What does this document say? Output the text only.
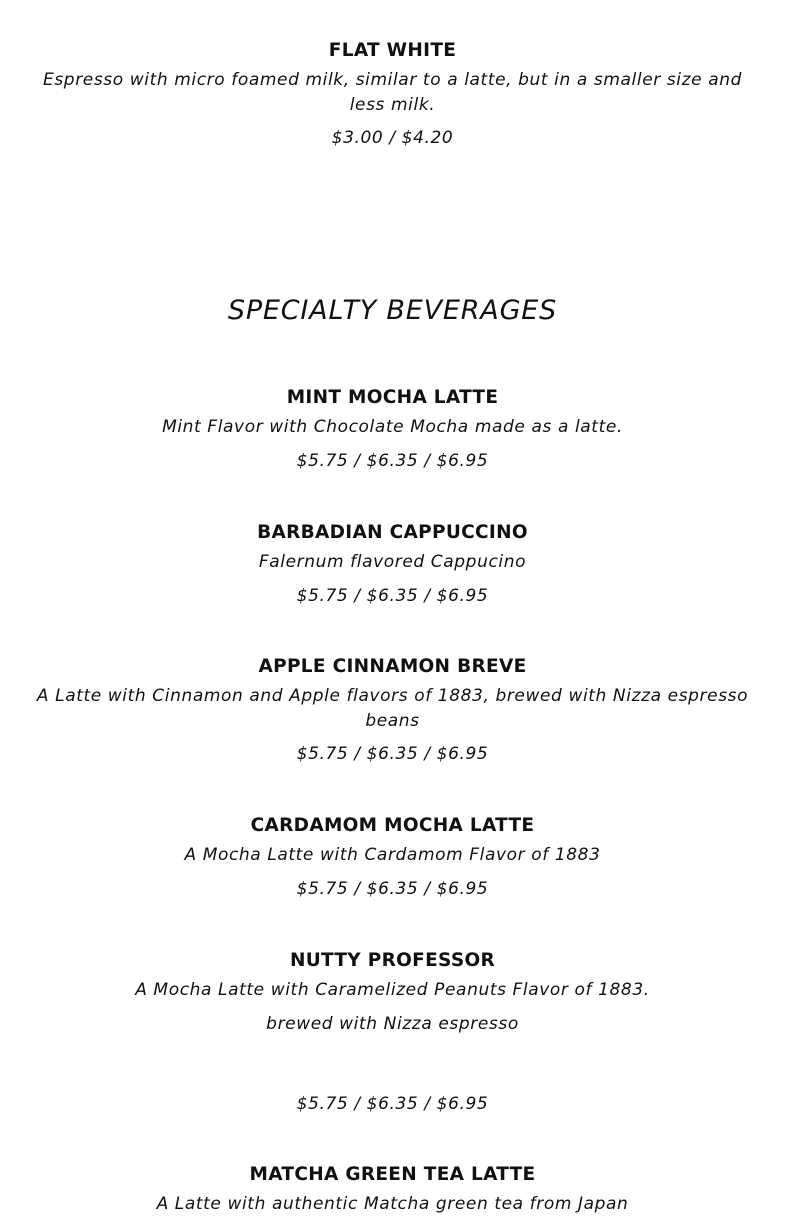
FLAT WHITE
Espresso with micro foamed milk, similar to a latte, but in a smaller size and less milk.
$3.00 / $4.20
SPECIALTY BEVERAGES
MINT MOCHA LATTE
Mint Flavor with Chocolate Mocha made as a latte.
$5.75 / $6.35 / $6.95
BARBADIAN CAPPUCCINO
Falernum flavored Cappucino
$5.75 / $6.35 / $6.95
APPLE CINNAMON BREVE
A Latte with Cinnamon and Apple flavors of 1883, brewed with Nizza espresso beans
$5.75 / $6.35 / $6.95
CARDAMOM MOCHA LATTE
A Mocha Latte with Cardamom Flavor of 1883
$5.75 / $6.35 / $6.95
NUTTY PROFESSOR
A Mocha Latte with Caramelized Peanuts Flavor of 1883.
brewed with Nizza espresso
$5.75 / $6.35 / $6.95
MATCHA GREEN TEA LATTE
A Latte with authentic Matcha green tea from Japan
